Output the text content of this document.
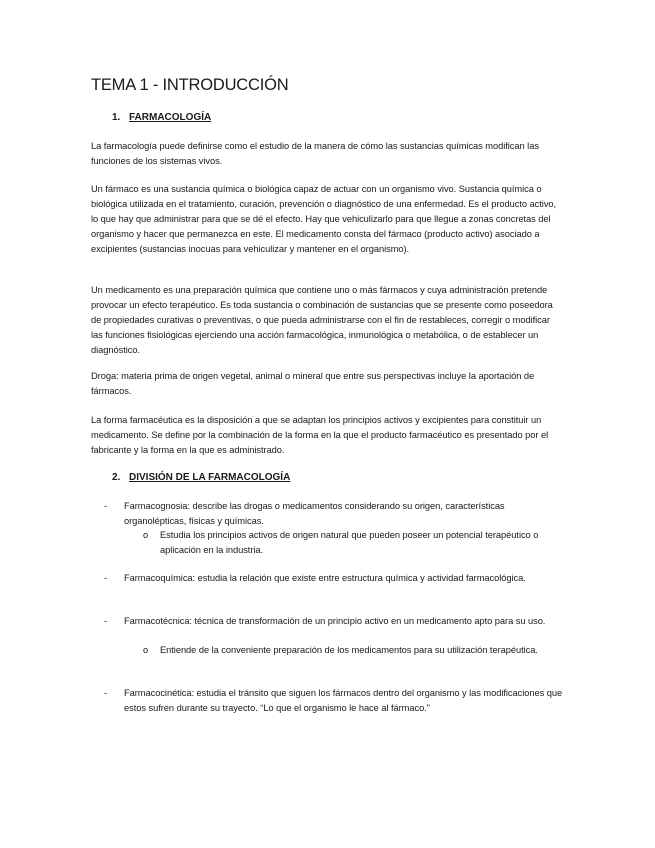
TEMA 1 - INTRODUCCIÓN
1. FARMACOLOGÍA
La farmacología puede definirse como el estudio de la manera de cómo las sustancias químicas modifican las funciones de los sistemas vivos.
Un fármaco es una sustancia química o biológica capaz de actuar con un organismo vivo. Sustancia química o biológica utilizada en el tratamiento, curación, prevención o diagnóstico de una enfermedad. Es el producto activo, lo que hay que administrar para que se dé el efecto. Hay que vehiculizarlo para que llegue a zonas concretas del organismo y hacer que permanezca en este. El medicamento consta del fármaco (producto activo) asociado a excipientes (sustancias inocuas para vehiculizar y mantener en el organismo).
Un medicamento es una preparación química que contiene uno o más fármacos y cuya administración pretende provocar un efecto terapéutico. Es toda sustancia o combinación de sustancias que se presente como poseedora de propiedades curativas o preventivas, o que pueda administrarse con el fin de restableces, corregir o modificar las funciones fisiológicas ejerciendo una acción farmacológica, inmunológica o metabólica, o de establecer un diagnóstico.
Droga: materia prima de origen vegetal, animal o mineral que entre sus perspectivas incluye la aportación de fármacos.
La forma farmacéutica es la disposición a que se adaptan los principios activos y excipientes para constituir un medicamento. Se define por la combinación de la forma en la que el producto farmacéutico es presentado por el fabricante y la forma en la que es administrado.
2. DIVISIÓN DE LA FARMACOLOGÍA
- Farmacognosia: describe las drogas o medicamentos considerando su origen, características organolépticas, físicas y químicas.
o Estudia los principios activos de origen natural que pueden poseer un potencial terapéutico o aplicación en la industria.
- Farmacoquímica: estudia la relación que existe entre estructura química y actividad farmacológica.
- Farmacotécnica: técnica de transformación de un principio activo en un medicamento apto para su uso.
o Entiende de la conveniente preparación de los medicamentos para su utilización terapéutica.
- Farmacocinética: estudia el tránsito que siguen los fármacos dentro del organismo y las modificaciones que estos sufren durante su trayecto. “Lo que el organismo le hace al fármaco.”
